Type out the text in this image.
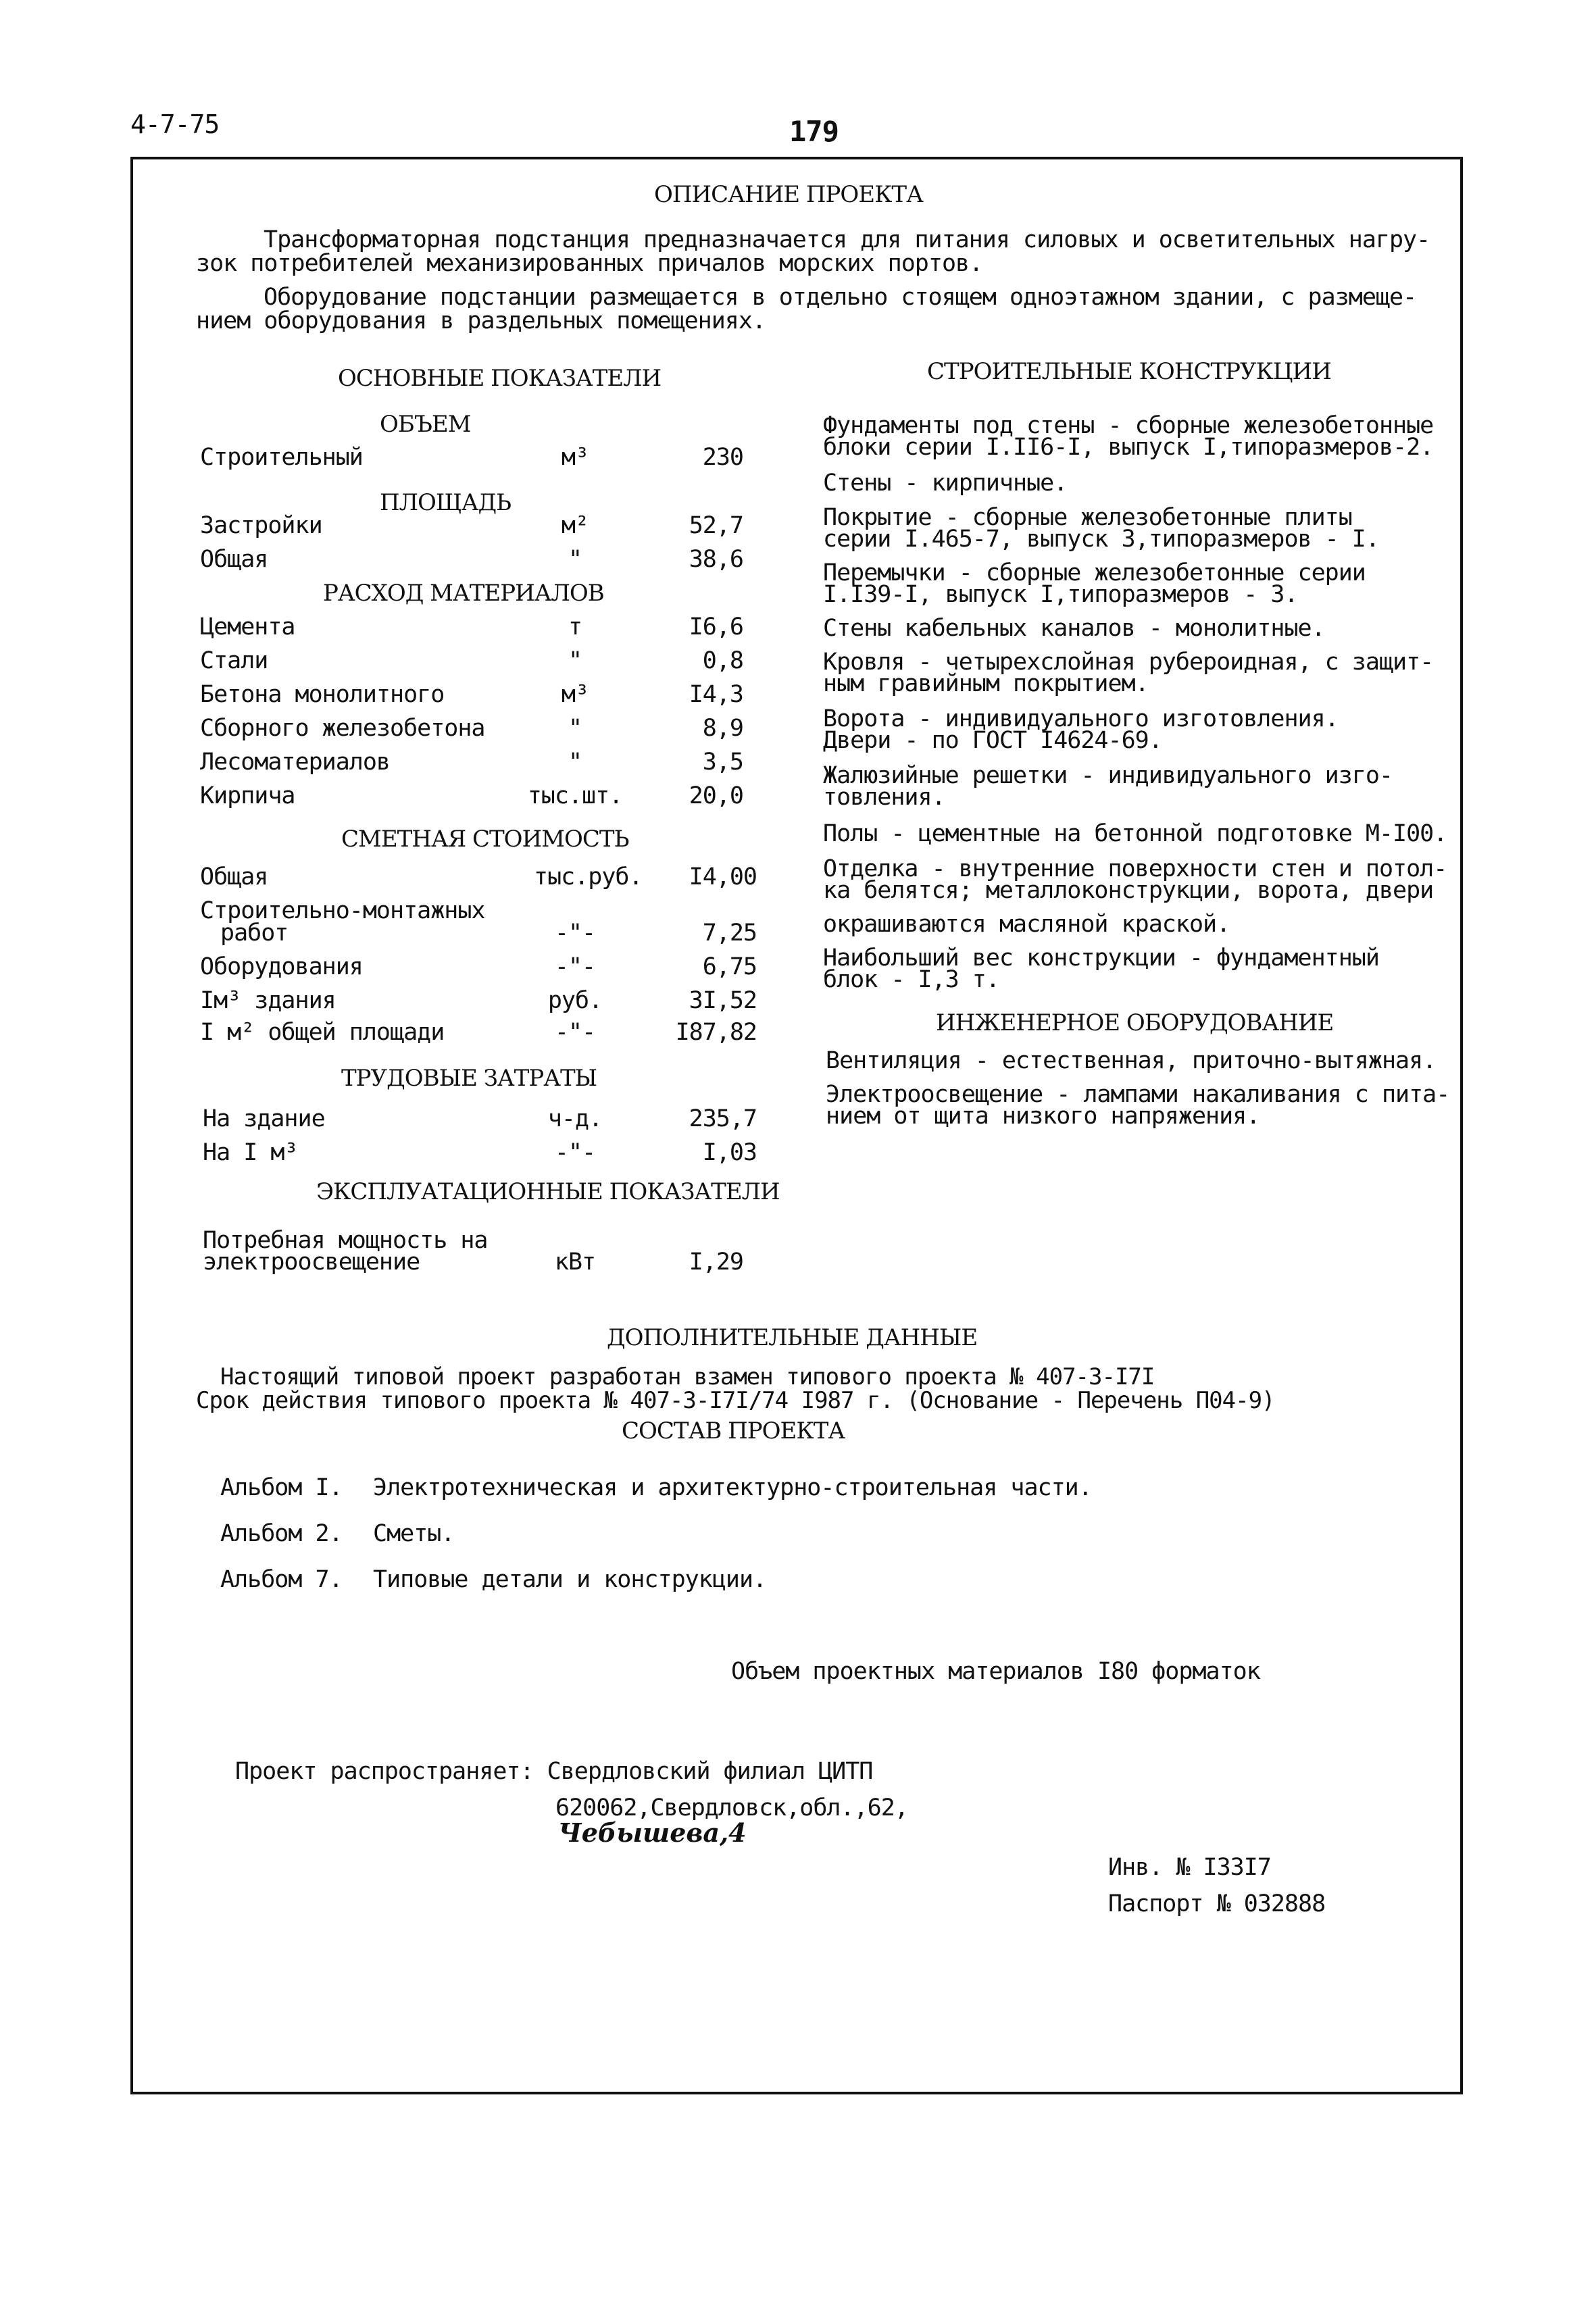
4-7-75	179
ОПИСАНИЕ ПРОЕКТА
Трансформаторная подстанция предназначается для питания силовых и осветительных нагру-
зок потребителей механизированных причалов морских портов.
Оборудование подстанции размещается в отдельно стоящем одноэтажном здании, с размеще-
нием оборудования в раздельных помещениях.
ОСНОВНЫЕ ПОКАЗАТЕЛИ
ОБЪЕМ
Строительный	м³	230
ПЛОЩАДЬ
Застройки	м²	52,7
Общая	"	38,6
РАСХОД МАТЕРИАЛОВ
Цемента	т	I6,6
Стали	"	0,8
Бетона монолитного	м³	I4,3
Сборного железобетона	"	8,9
Лесоматериалов	"	3,5
Кирпича	тыс.шт.	20,0
СМЕТНАЯ СТОИМОСТЬ
Общая	тыс.руб.	I4,00
Строительно-монтажных
работ	-"-	7,25
Оборудования	-"-	6,75
Iм³ здания	руб.	3I,52
I м² общей площади	-"-	I87,82
ТРУДОВЫЕ ЗАТРАТЫ
На здание	ч-д.	235,7
На I м³	-"-	I,03
ЭКСПЛУАТАЦИОННЫЕ ПОКАЗАТЕЛИ
Потребная мощность на
электроосвещение	кВт	I,29
СТРОИТЕЛЬНЫЕ КОНСТРУКЦИИ
Фундаменты под стены - сборные железобетонные
блоки серии I.II6-I, выпуск I,типоразмеров-2.
Стены - кирпичные.
Покрытие - сборные железобетонные плиты
серии I.465-7, выпуск 3,типоразмеров - I.
Перемычки - сборные железобетонные серии
I.I39-I, выпуск I,типоразмеров - 3.
Стены кабельных каналов - монолитные.
Кровля - четырехслойная рубероидная, с защит-
ным гравийным покрытием.
Ворота - индивидуального изготовления.
Двери - по ГОСТ I4624-69.
Жалюзийные решетки - индивидуального изго-
товления.
Полы - цементные на бетонной подготовке М-I00.
Отделка - внутренние поверхности стен и потол-
ка белятся; металлоконструкции, ворота, двери
окрашиваются масляной краской.
Наибольший вес конструкции - фундаментный
блок - I,3 т.
ИНЖЕНЕРНОЕ ОБОРУДОВАНИЕ
Вентиляция - естественная, приточно-вытяжная.
Электроосвещение - лампами накаливания с пита-
нием от щита низкого напряжения.
ДОПОЛНИТЕЛЬНЫЕ ДАННЫЕ
Настоящий типовой проект разработан взамен типового проекта № 407-3-I7I
Срок действия типового проекта № 407-3-I7I/74 I987 г. (Основание - Перечень П04-9)
СОСТАВ ПРОЕКТА
Альбом I. Электротехническая и архитектурно-строительная части.
Альбом 2. Сметы.
Альбом 7. Типовые детали и конструкции.
Объем проектных материалов I80 форматок
Проект распространяет: Свердловский филиал ЦИТП
620062,Свердловск,обл.,62,
Чебышева,4
Инв. № I33I7
Паспорт № 032888
